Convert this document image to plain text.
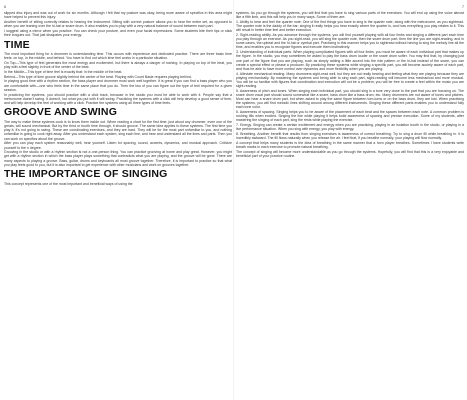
6

slipped disc injury and was out of work for six months. Although I felt that my posture was okay, being more aware of specifics in this area might have helped to prevent this injury.

Another benefit of sitting correctly relates to hearing the instrument. Sitting with correct posture allows you to hear the entire set, as opposed to when you are leaning over the hi-hat or snare drum. It also enables you to play with a very natural balance of sound between each part.

I suggest using a mirror when you practice. You can check your posture, and even your facial expressions. Some students bite their lips or stick their tongues out. That just dissipates your energy.

TIME

The most important thing for a drummer is understanding time. This occurs with experience and dedicated practice. There are three basic time feels: on top, in the middle, and behind. You have to find out which time feel works in a particular situation.

On Top—This type of feel generates the most energy and excitement, but there is always a danger of rushing. In playing on top of the beat, you play with a feel slightly in front of the center of the beat.

In the Middle—This type of time feel is exactly that: in the middle of the beat.

Behind—This type of time groove slightly behind the center of the beat. Playing with Count Basie requires playing behind.

In playing good time with a rhythm section, the bass player and drummer must work well together. It is great if you can find a bass player who you are comfortable with—one who feels time in the same place that you do. Then the two of you can figure out the type of feel required for a given session.

In practicing the systems, you should practice with a click track, because in the studio you must be able to work with it. People say that a metronome doesn't swing. It doesn't, but what you put with it will swing. Practicing the systems with a click will help develop a good sense of time, and will help develop the feel of working with a click. Practice the systems using all three types of time feels.

GROOVE AND SWING

The way to make these systems cook is to know them inside out. When reading a chart for the first time, just about any drummer, even one of the greats, will sound mechanical. But by the third or fourth time through, it should groove. The same idea applies to these systems. The first time you play it, it's not going to swing. These are coordinating exercises, and they are hard. They will be for the most part unfamiliar to you, and nothing unfamiliar is going to cook right away. After you understand each system, sing each line, and hear and understand all the lines and parts. Then you can work on specifics about the groove.

After you can play each system reasonably well, hear yourself. Listen for spacing, sound, accents, dynamics, and musical approach. Criticize yourself to the n degree.

Grooving in the studio or with a rhythm section is not a one-person thing. You can practice grooving at home and play great. However, you might get with a rhythm section in which the bass player plays something that contradicts what you are playing, and the groove will be gone. There are many aspects to playing a groove. Bass, guitar, drums and keyboards all must groove together. Therefore, it is important to practice so that what you play feels good to you, but it is also important to get experience with other musicians and work on grooves together.

THE IMPORTANCE OF SINGING

This concept represents one of the most important and beneficial ways of using the

7

systems. As you go through the systems, you will find that you have to sing various parts of the exercises. You will end up using the voice almost like a fifth limb, and this will help you in many ways. Some of them are:

1. Ability to hear and feel the quarter note: One of the first things you have to sing is the quarter note, along with the metronome, as you sightread. The quarter note is the daddy of the bar; singing it really helps you hear exactly where the quarter is, and how everything you play relates to it. This will result in better time feel and better execution.

2. Sight-reading ability. As you advance through the systems, you will find yourself playing with all four limbs and singing a different part each time you play through an exercise. As you sight-read, you will sing the quarter note, then the snare drum part, then the line you are sight-reading, and in some cases, the upbeat and the hi-hat or cymbal part. Practicing in this manner helps you to sightread without having to sing the melody line all the time, and enables you to recognize figures and execute them instinctively.

3. Understanding of individual parts. When playing complicated figures with all four limbs, you must be aware of each individual part that makes up the figure. In the studio, you may sometimes be asked to play the bass drum louder or the snare drum softer. You may find that, by changing just one part of the figure that you are playing, such as simply adding a little accent into the ride pattern or the hi-hat instead of the snare, you can create a special effect or please a producer. By practicing these systems while singing a specific part, you will become acutely aware of each part, and thus be able to have more control over dynamics and more flexibility when you are playing.

4. Alleviate mechanical reading. Many drummers sight-read well, but they are not really hearing and feeling what they are playing because they are playing mechanically. By mastering the systems and being able to sing each part, sight-reading will become less mechanical and more musical. You will be so familiar with figures that coordination and execution will not be a problem; you will be free to create a feel within the music you are sight-reading.

5. Awareness of pitch and tones. When singing each individual part, you should sing in a tone very close to the part that you are focusing on. The snare drum vocal part should sound somewhat like a snare, bass drum like a bass drum, etc. Many drummers are not aware of tones and pitches. Most can hear a snare drum part, but when asked to play the same figure between tom-toms or on the bass drum, they are lost. When practicing the systems, you will find melodic lines shifting around among different instruments. Singing these different parts enables you to understand fully each tone color.

6. Awareness of spacing. Singing helps you to be aware of the placement of each beat and the spaces between each note. A common problem is rushing fills when excited. Singing the line while playing it helps build awareness of spacing and precise execution. Some of my students, after mastering the singing of each part, sing the rests while playing the exercise.

7. Energy. Singing can create a certain excitement and energy when you are practicing, playing in an isolation booth in the studio, or playing in a live performance situation. When you sing with energy, you play with energy.

8. Breathing. Another benefit that results from singing exercises is awareness of correct breathing. Try to sing a drum fill while breathing in. It is incredibly awkward. The fill flows naturally when you release the air. I feel that, if you breathe normally, your playing will flow normally.

A concept that helps many students is the idea of breathing in the same manner that a horn player breathes. Sometimes I have students write breath marks in each exercise to promote natural breathing.

The concept of singing will become more understandable as you go through the systems. Hopefully, you will find that this is a very enjoyable and beneficial part of your practice routine.
